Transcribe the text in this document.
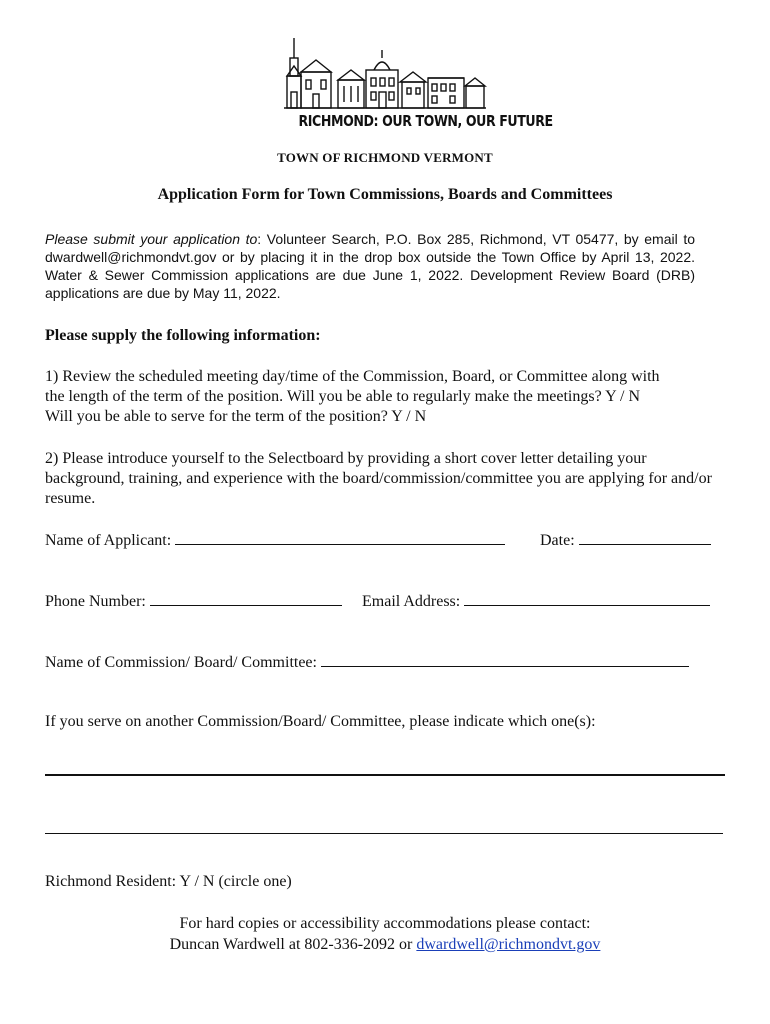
RICHMOND: OUR TOWN, OUR FUTURE
TOWN OF RICHMOND VERMONT
Application Form for Town Commissions, Boards and Committees
Please submit your application to: Volunteer Search, P.O. Box 285, Richmond, VT 05477, by email to dwardwell@richmondvt.gov or by placing it in the drop box outside the Town Office by April 13, 2022. Water & Sewer Commission applications are due June 1, 2022. Development Review Board (DRB) applications are due by May 11, 2022.
Please supply the following information:
1) Review the scheduled meeting day/time of the Commission, Board, or Committee along with
the length of the term of the position. Will you be able to regularly make the meetings? Y / N
Will you be able to serve for the term of the position? Y / N
2) Please introduce yourself to the Selectboard by providing a short cover letter detailing your background, training, and experience with the board/commission/committee you are applying for and/or resume.
Name of Applicant:	Date:
Phone Number:	Email Address:
Name of Commission/ Board/ Committee:
If you serve on another Commission/Board/ Committee, please indicate which one(s):
Richmond Resident: Y / N (circle one)
For hard copies or accessibility accommodations please contact:
Duncan Wardwell at 802-336-2092 or dwardwell@richmondvt.gov
